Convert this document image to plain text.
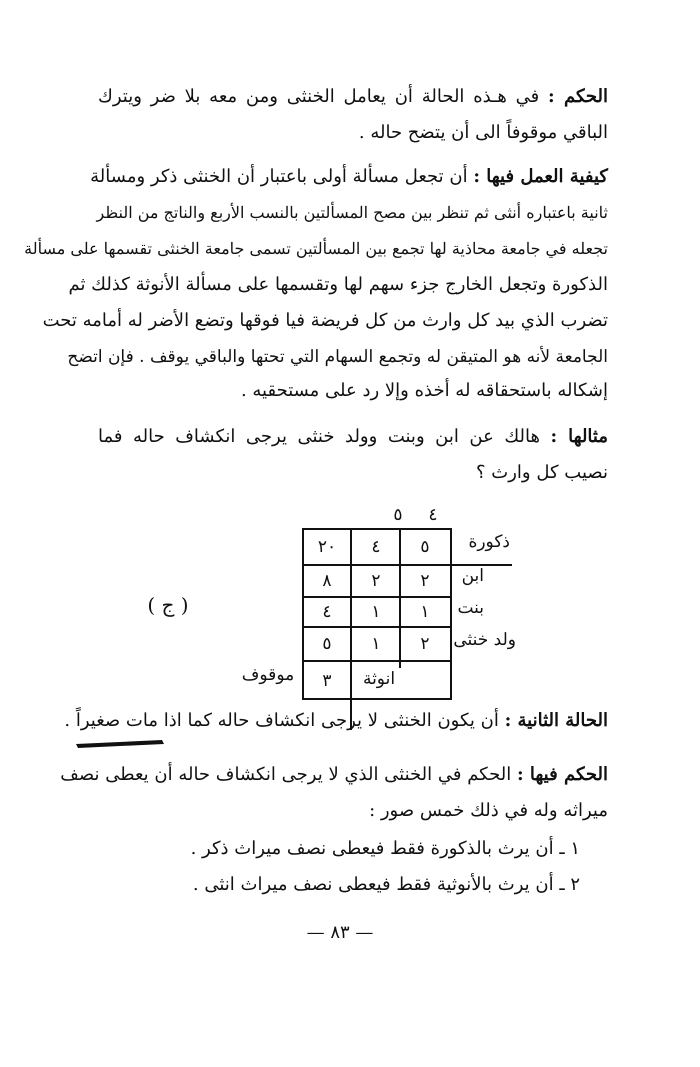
الحكم : في هـذه الحالة أن يعامل الخنثى ومن معه بلا ضر ويترك
الباقي موقوفاً الى أن يتضح حاله .
كيفية العمل فيها : أن تجعل مسألة أولى باعتبار أن الخنثى ذكر ومسألة
ثانية باعتباره أنثى ثم تنظر بين مصح المسألتين بالنسب الأربع والناتج من النظر
تجعله في جامعة محاذية لها تجمع بين المسألتين تسمى جامعة الخنثى تقسمها على مسألة
الذكورة وتجعل الخارج جزء سهم لها وتقسمها على مسألة الأنوثة كذلك ثم
تضرب الذي بيد كل وارث من كل فريضة فيا فوقها وتضع الأضر له أمامه تحت
الجامعة لأنه هو المتيقن له وتجمع السهام التي تحتها والباقي يوقف . فإن اتضح
إشكاله باستحقاقه له أخذه وإلا رد على مستحقيه .
مثالها : هالك عن ابن وبنت وولد خنثى يرجى انكشاف حاله فما
نصيب كل وارث ؟
٥	٤
ذكورة
٥
٤
٢٠
ابن
٢
٢
٨
بنت
١
١
٤
ولد خنثى
٢
١
٥
انوثة
٣
موقوف
( ج )
الحالة الثانية : أن يكون الخنثى لا يرجى انكشاف حاله كما اذا مات صغيراً .
الحكم فيها : الحكم في الخنثى الذي لا يرجى انكشاف حاله أن يعطى نصف
ميراثه وله في ذلك خمس صور :
١ ـ أن يرث بالذكورة فقط فيعطى نصف ميراث ذكر .
٢ ـ أن يرث بالأنوثية فقط فيعطى نصف ميراث انثى .
— ٨٣ —
